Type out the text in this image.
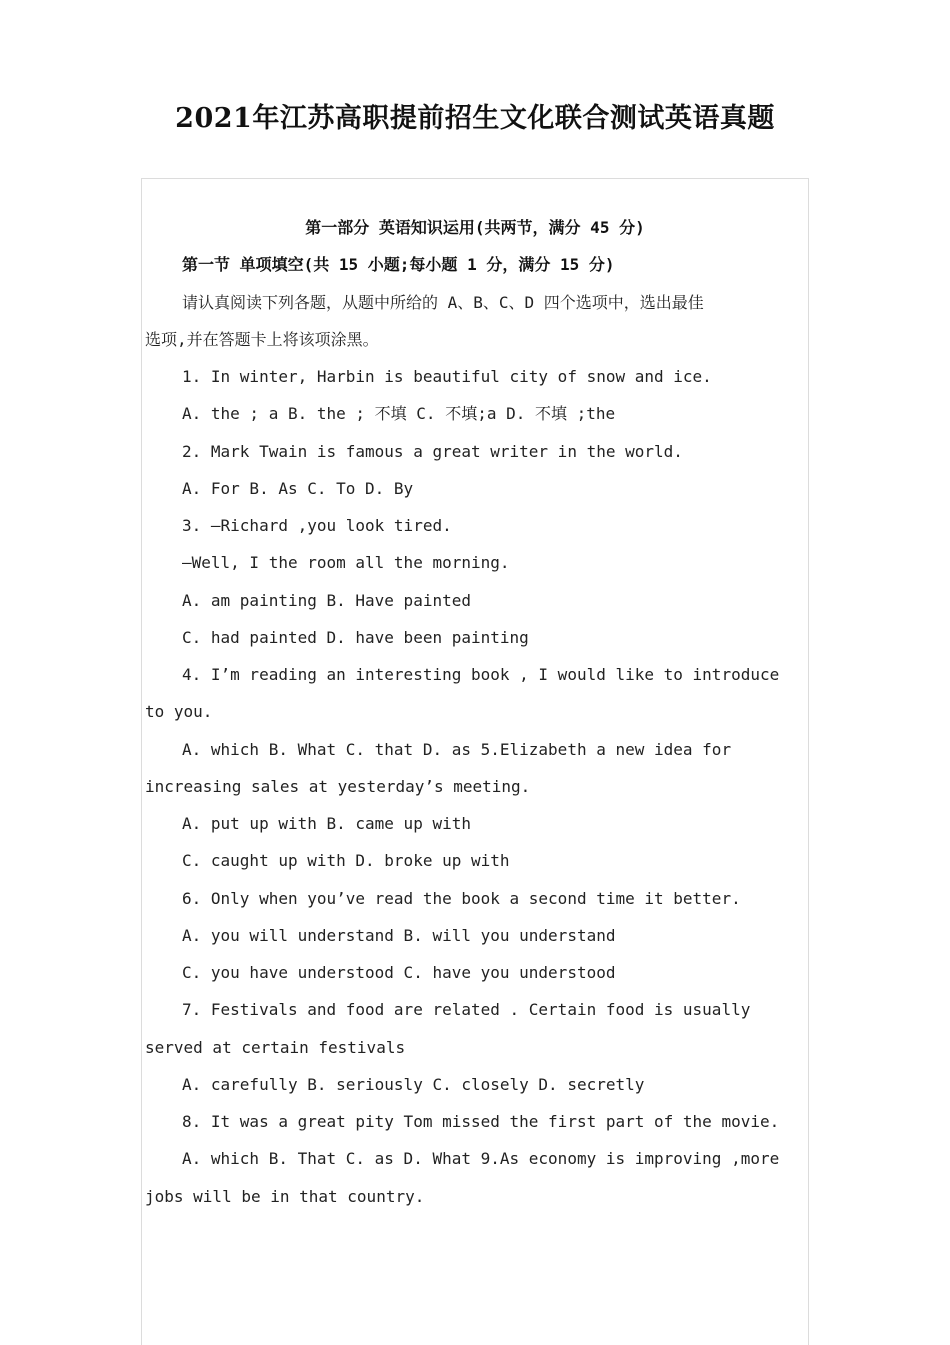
2021年江苏高职提前招生文化联合测试英语真题
第一部分 英语知识运用(共两节，满分 45 分)
第一节 单项填空(共 15 小题;每小题 1 分，满分 15 分)
请认真阅读下列各题，从题中所给的 A、B、C、D 四个选项中，选出最佳
选项,并在答题卡上将该项涂黑。
1. In winter, Harbin is beautiful city of snow and ice.
A. the ; a B. the ; 不填 C. 不填;a D. 不填 ;the
2. Mark Twain is famous a great writer in the world.
A. For B. As C. To D. By
3. —Richard ,you look tired.
—Well, I the room all the morning.
A. am painting B. Have painted
C. had painted D. have been painting
4. I’m reading an interesting book , I would like to introduce
to you.
A. which B. What C. that D. as 5.Elizabeth a new idea for
increasing sales at yesterday’s meeting.
A. put up with B. came up with
C. caught up with D. broke up with
6. Only when you’ve read the book a second time it better.
A. you will understand B. will you understand
C. you have understood C. have you understood
7. Festivals and food are related . Certain food is usually
served at certain festivals
A. carefully B. seriously C. closely D. secretly
8. It was a great pity Tom missed the first part of the movie.
A. which B. That C. as D. What 9.As economy is improving ,more
jobs will be in that country.
